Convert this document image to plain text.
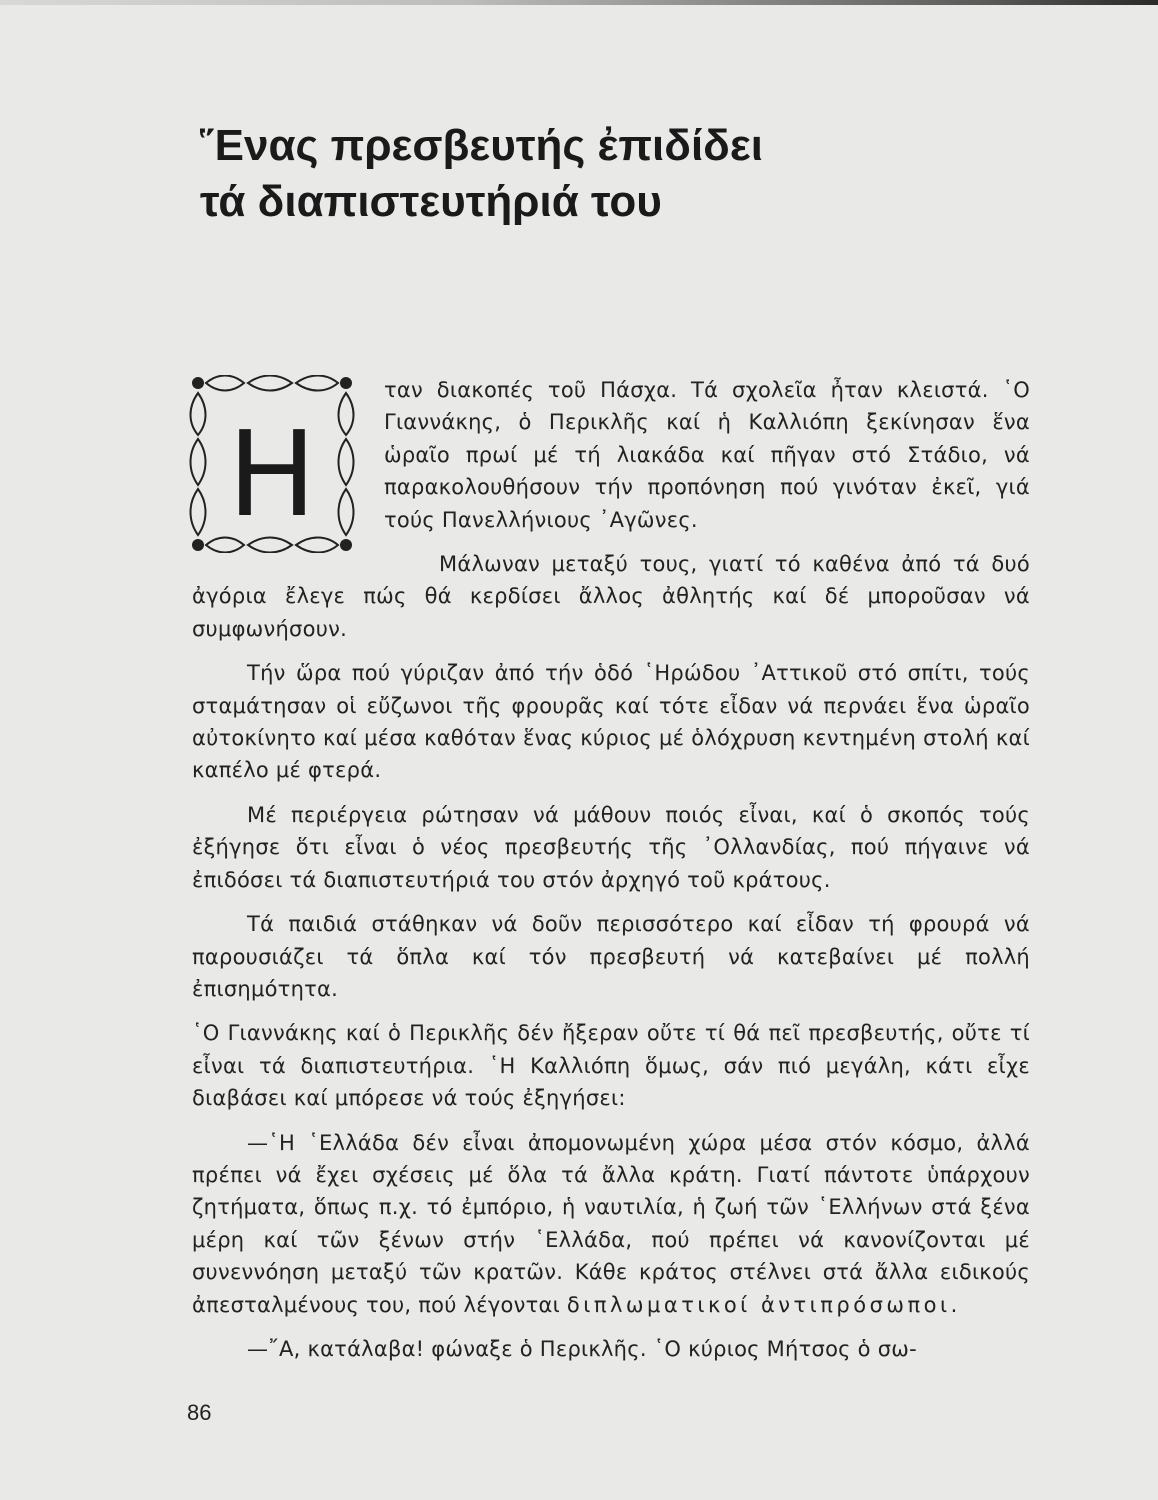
῞Ενας πρεσβευτής ἐπιδίδει
τά διαπιστευτήριά του
Η

ταν διακοπές τοῦ Πάσχα. Τά σχολεῖα ἦταν κλειστά. ῾Ο Γιαννάκης, ὁ Περικλῆς καί ἡ Καλλιόπη ξεκίνησαν ἕνα ὡραῖο πρωί μέ τή λιακάδα καί πῆγαν στό Στάδιο, νά παρακολουθήσουν τήν προπόνηση πού γινόταν ἐκεῖ, γιά τούς Πανελλήνιους ᾿Αγῶνες.

Μάλωναν μεταξύ τους, γιατί τό καθένα ἀπό τά δυό ἀγόρια ἔλεγε πώς θά κερδίσει ἄλλος ἀθλητής καί δέ μποροῦσαν νά συμφωνήσουν.

Τήν ὥρα πού γύριζαν ἀπό τήν ὁδό ῾Ηρώδου ᾿Αττικοῦ στό σπίτι, τούς σταμάτησαν οἱ εὔζωνοι τῆς φρουρᾶς καί τότε εἶδαν νά περνάει ἕνα ὡραῖο αὐτοκίνητο καί μέσα καθόταν ἕνας κύριος μέ ὁλόχρυση κεντημένη στολή καί καπέλο μέ φτερά.

Μέ περιέργεια ρώτησαν νά μάθουν ποιός εἶναι, καί ὁ σκοπός τούς ἐξήγησε ὅτι εἶναι ὁ νέος πρεσβευτής τῆς ᾿Ολλανδίας, πού πήγαινε νά ἐπιδόσει τά διαπιστευτήριά του στόν ἀρχηγό τοῦ κράτους.

Τά παιδιά στάθηκαν νά δοῦν περισσότερο καί εἶδαν τή φρουρά νά παρουσιάζει τά ὅπλα καί τόν πρεσβευτή νά κατεβαίνει μέ πολλή ἐπισημότητα.

῾Ο Γιαννάκης καί ὁ Περικλῆς δέν ἤξεραν οὔτε τί θά πεῖ πρεσβευτής, οὔτε τί εἶναι τά διαπιστευτήρια. ῾Η Καλλιόπη ὅμως, σάν πιό μεγάλη, κάτι εἶχε διαβάσει καί μπόρεσε νά τούς ἐξηγήσει:

—῾Η ῾Ελλάδα δέν εἶναι ἀπομονωμένη χώρα μέσα στόν κόσμο, ἀλλά πρέπει νά ἔχει σχέσεις μέ ὅλα τά ἄλλα κράτη. Γιατί πάντοτε ὑπάρχουν ζητήματα, ὅπως π.χ. τό ἐμπόριο, ἡ ναυτιλία, ἡ ζωή τῶν ῾Ελλήνων στά ξένα μέρη καί τῶν ξένων στήν ῾Ελλάδα, πού πρέπει νά κανονίζονται μέ συνεννόηση μεταξύ τῶν κρατῶν. Κάθε κράτος στέλνει στά ἄλλα ειδικούς ἀπεσταλμένους του, πού λέγονται διπλωματικοί ἀντιπρόσωποι.

—῎Α, κατάλαβα! φώναξε ὁ Περικλῆς. ῾Ο κύριος Μήτσος ὁ σω-

86
